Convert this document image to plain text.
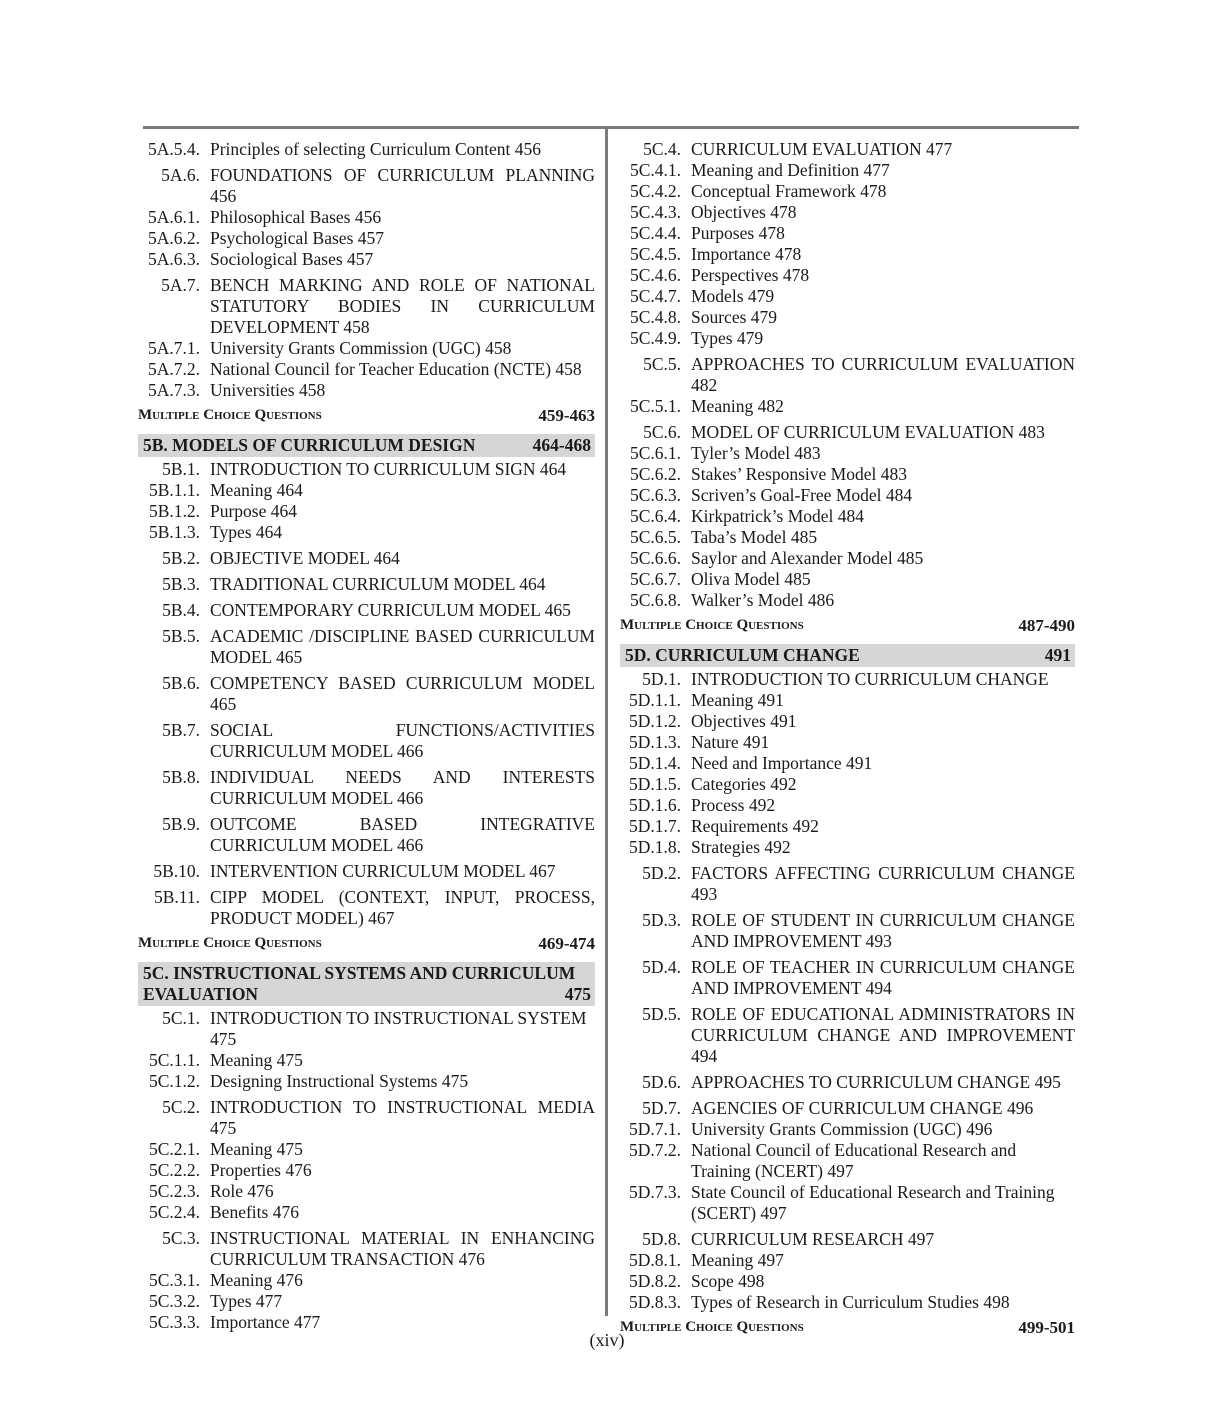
5A.5.4. Principles of selecting Curriculum Content 456
5A.6. FOUNDATIONS OF CURRICULUM PLANNING 456
5A.6.1. Philosophical Bases 456
5A.6.2. Psychological Bases 457
5A.6.3. Sociological Bases 457
5A.7. BENCH MARKING AND ROLE OF NATIONAL STATUTORY BODIES IN CURRICULUM DEVELOPMENT 458
5A.7.1. University Grants Commission (UGC) 458
5A.7.2. National Council for Teacher Education (NCTE) 458
5A.7.3. Universities 458
Multiple Choice Questions	459-463
5B. MODELS OF CURRICULUM DESIGN	464-468
5B.1. INTRODUCTION TO CURRICULUM SIGN 464
5B.1.1. Meaning 464
5B.1.2. Purpose 464
5B.1.3. Types 464
5B.2. OBJECTIVE MODEL 464
5B.3. TRADITIONAL CURRICULUM MODEL 464
5B.4. CONTEMPORARY CURRICULUM MODEL 465
5B.5. ACADEMIC /DISCIPLINE BASED CURRICULUM MODEL 465
5B.6. COMPETENCY BASED CURRICULUM MODEL 465
5B.7. SOCIAL FUNCTIONS/ACTIVITIES CURRICULUM MODEL 466
5B.8. INDIVIDUAL NEEDS AND INTERESTS CURRICULUM MODEL 466
5B.9. OUTCOME BASED INTEGRATIVE CURRICULUM MODEL 466
5B.10. INTERVENTION CURRICULUM MODEL 467
5B.11. CIPP MODEL (CONTEXT, INPUT, PROCESS, PRODUCT MODEL) 467
Multiple Choice Questions	469-474
5C. INSTRUCTIONAL SYSTEMS AND CURRICULUM
EVALUATION	475
5C.1. INTRODUCTION TO INSTRUCTIONAL SYSTEM 475
5C.1.1. Meaning 475
5C.1.2. Designing Instructional Systems 475
5C.2. INTRODUCTION TO INSTRUCTIONAL MEDIA 475
5C.2.1. Meaning 475
5C.2.2. Properties 476
5C.2.3. Role 476
5C.2.4. Benefits 476
5C.3. INSTRUCTIONAL MATERIAL IN ENHANCING CURRICULUM TRANSACTION 476
5C.3.1. Meaning 476
5C.3.2. Types 477
5C.3.3. Importance 477
5C.4. CURRICULUM EVALUATION 477
5C.4.1. Meaning and Definition 477
5C.4.2. Conceptual Framework 478
5C.4.3. Objectives 478
5C.4.4. Purposes 478
5C.4.5. Importance 478
5C.4.6. Perspectives 478
5C.4.7. Models 479
5C.4.8. Sources 479
5C.4.9. Types 479
5C.5. APPROACHES TO CURRICULUM EVALUATION 482
5C.5.1. Meaning 482
5C.6. MODEL OF CURRICULUM EVALUATION 483
5C.6.1. Tyler’s Model 483
5C.6.2. Stakes’ Responsive Model 483
5C.6.3. Scriven’s Goal-Free Model 484
5C.6.4. Kirkpatrick’s Model 484
5C.6.5. Taba’s Model 485
5C.6.6. Saylor and Alexander Model 485
5C.6.7. Oliva Model 485
5C.6.8. Walker’s Model 486
Multiple Choice Questions	487-490
5D. CURRICULUM CHANGE	491
5D.1. INTRODUCTION TO CURRICULUM CHANGE
5D.1.1. Meaning 491
5D.1.2. Objectives 491
5D.1.3. Nature 491
5D.1.4. Need and Importance 491
5D.1.5. Categories 492
5D.1.6. Process 492
5D.1.7. Requirements 492
5D.1.8. Strategies 492
5D.2. FACTORS AFFECTING CURRICULUM CHANGE 493
5D.3. ROLE OF STUDENT IN CURRICULUM CHANGE AND IMPROVEMENT 493
5D.4. ROLE OF TEACHER IN CURRICULUM CHANGE AND IMPROVEMENT 494
5D.5. ROLE OF EDUCATIONAL ADMINISTRATORS IN CURRICULUM CHANGE AND IMPROVEMENT 494
5D.6. APPROACHES TO CURRICULUM CHANGE 495
5D.7. AGENCIES OF CURRICULUM CHANGE 496
5D.7.1. University Grants Commission (UGC) 496
5D.7.2. National Council of Educational Research and Training (NCERT) 497
5D.7.3. State Council of Educational Research and Training (SCERT) 497
5D.8. CURRICULUM RESEARCH 497
5D.8.1. Meaning 497
5D.8.2. Scope 498
5D.8.3. Types of Research in Curriculum Studies 498
Multiple Choice Questions	499-501
(xiv)
